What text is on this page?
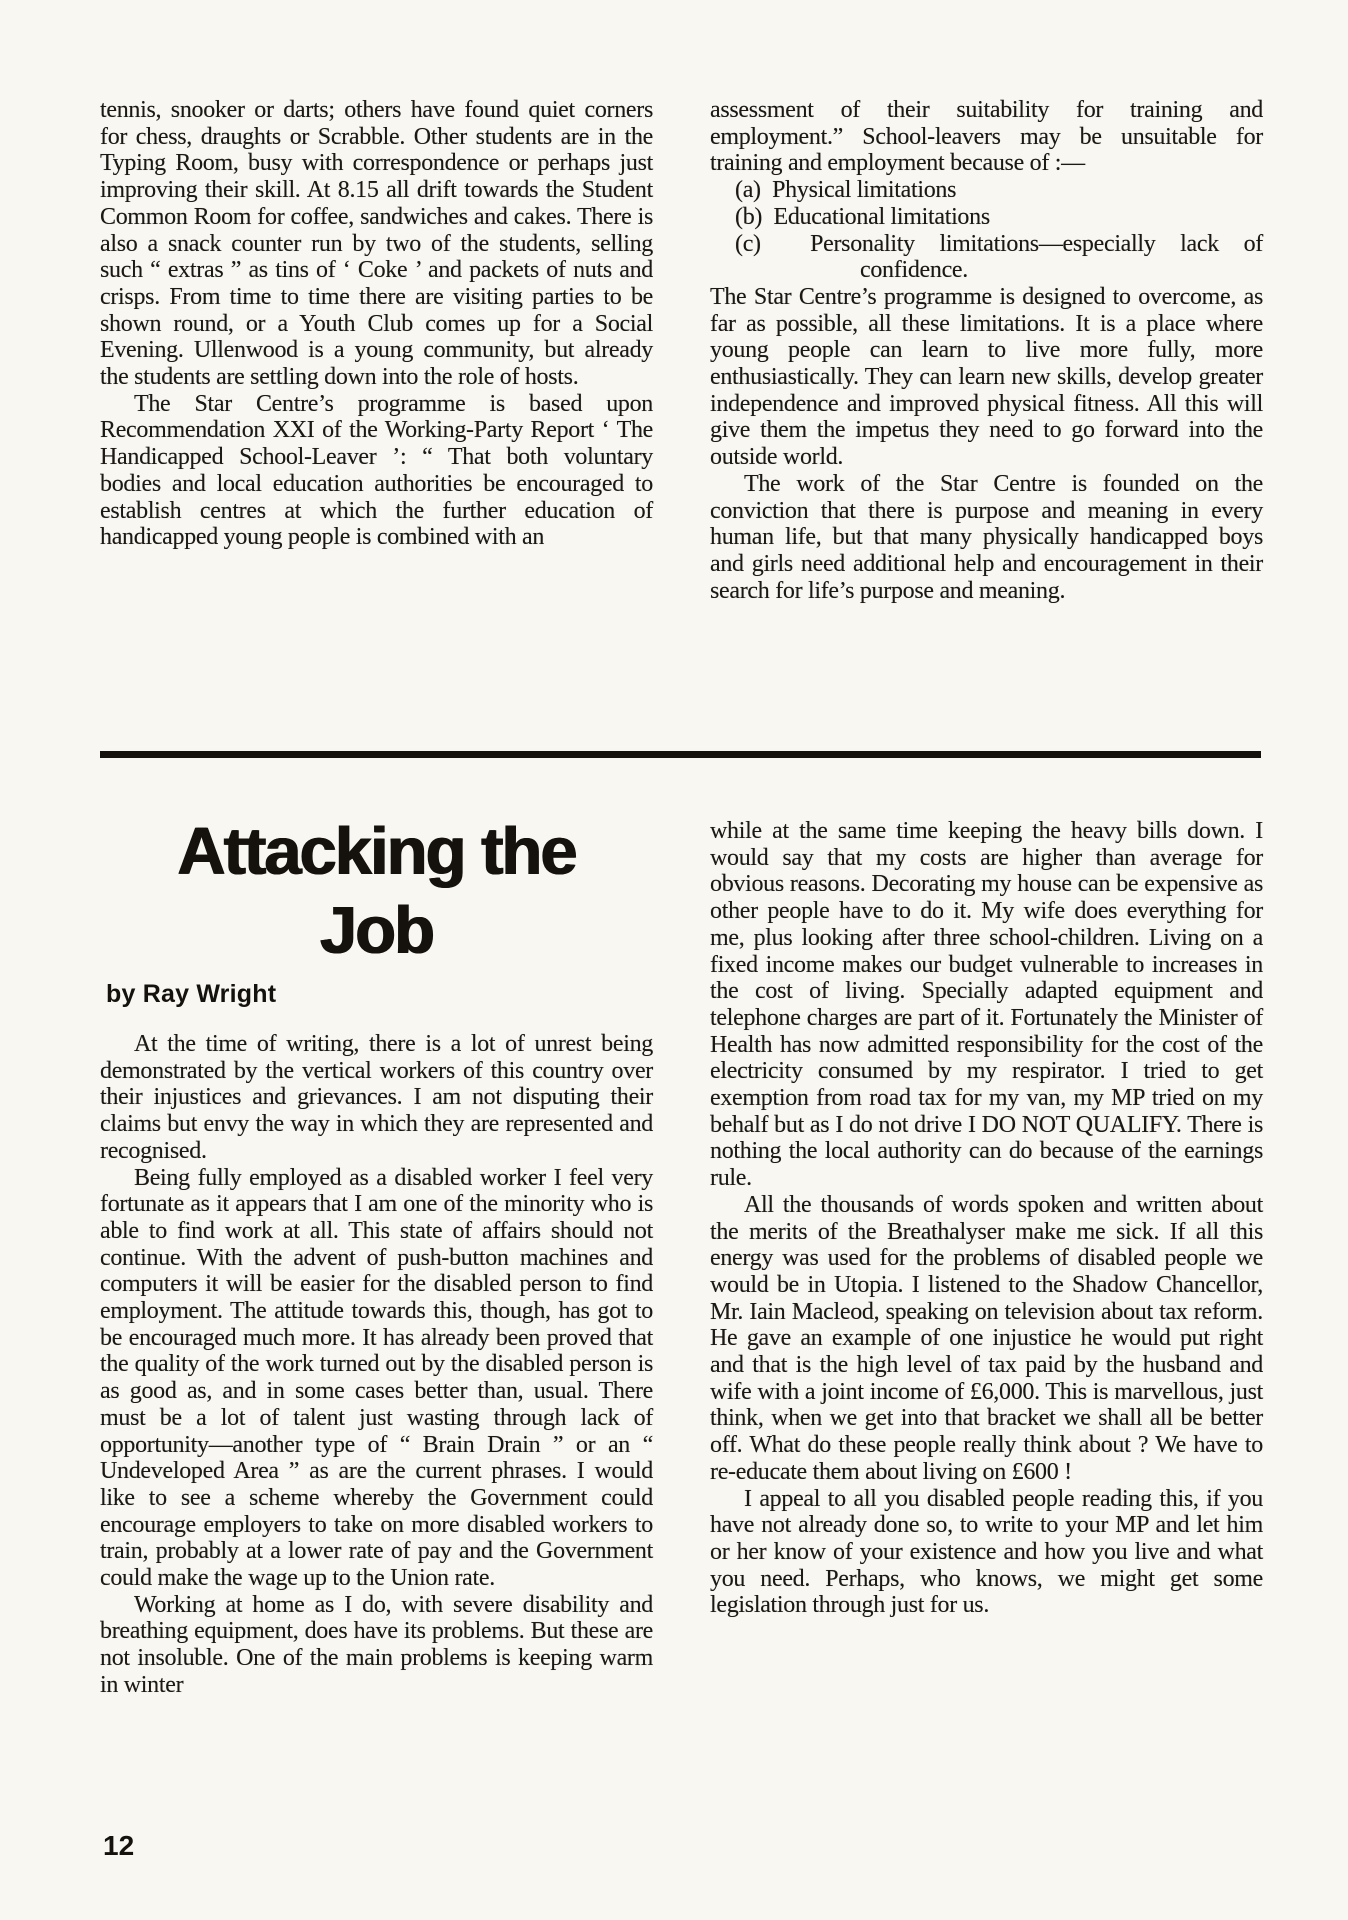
tennis, snooker or darts; others have found quiet corners for chess, draughts or Scrabble. Other students are in the Typing Room, busy with correspondence or perhaps just improving their skill. At 8.15 all drift towards the Student Common Room for coffee, sandwiches and cakes. There is also a snack counter run by two of the students, selling such “ extras ” as tins of ‘ Coke ’ and packets of nuts and crisps. From time to time there are visiting parties to be shown round, or a Youth Club comes up for a Social Evening. Ullenwood is a young community, but already the students are settling down into the role of hosts.

The Star Centre’s programme is based upon Recommendation XXI of the Working-Party Report ‘ The Handicapped School-Leaver ’: “ That both voluntary bodies and local education authorities be encouraged to establish centres at which the further education of handicapped young people is combined with an

assessment of their suitability for training and employment.” School-leavers may be unsuitable for training and employment because of :—

(a)  Physical limitations

(b)  Educational limitations

(c)  Personality limitations—especially lack of confidence.

The Star Centre’s programme is designed to overcome, as far as possible, all these limitations. It is a place where young people can learn to live more fully, more enthusiastically. They can learn new skills, develop greater independence and improved physical fitness. All this will give them the impetus they need to go forward into the outside world.

The work of the Star Centre is founded on the conviction that there is purpose and meaning in every human life, but that many physically handicapped boys and girls need additional help and encouragement in their search for life’s purpose and meaning.

Attacking the
Job
by Ray Wright

At the time of writing, there is a lot of unrest being demonstrated by the vertical workers of this country over their injustices and grievances. I am not disputing their claims but envy the way in which they are represented and recognised.

Being fully employed as a disabled worker I feel very fortunate as it appears that I am one of the minority who is able to find work at all. This state of affairs should not continue. With the advent of push-button machines and computers it will be easier for the disabled person to find employment. The attitude towards this, though, has got to be encouraged much more. It has already been proved that the quality of the work turned out by the disabled person is as good as, and in some cases better than, usual. There must be a lot of talent just wasting through lack of opportunity—another type of “ Brain Drain ” or an “ Undeveloped Area ” as are the current phrases. I would like to see a scheme whereby the Government could encourage employers to take on more disabled workers to train, probably at a lower rate of pay and the Government could make the wage up to the Union rate.

Working at home as I do, with severe disability and breathing equipment, does have its problems. But these are not insoluble. One of the main problems is keeping warm in winter

while at the same time keeping the heavy bills down. I would say that my costs are higher than average for obvious reasons. Decorating my house can be expensive as other people have to do it. My wife does everything for me, plus looking after three school-children. Living on a fixed income makes our budget vulnerable to increases in the cost of living. Specially adapted equipment and telephone charges are part of it. Fortunately the Minister of Health has now admitted responsibility for the cost of the electricity consumed by my respirator. I tried to get exemption from road tax for my van, my MP tried on my behalf but as I do not drive I DO NOT QUALIFY. There is nothing the local authority can do because of the earnings rule.

All the thousands of words spoken and written about the merits of the Breathalyser make me sick. If all this energy was used for the problems of disabled people we would be in Utopia. I listened to the Shadow Chancellor, Mr. Iain Macleod, speaking on television about tax reform. He gave an example of one injustice he would put right and that is the high level of tax paid by the husband and wife with a joint income of £6,000. This is marvellous, just think, when we get into that bracket we shall all be better off. What do these people really think about ? We have to re-educate them about living on £600 !

I appeal to all you disabled people reading this, if you have not already done so, to write to your MP and let him or her know of your existence and how you live and what you need. Perhaps, who knows, we might get some legislation through just for us.

12
